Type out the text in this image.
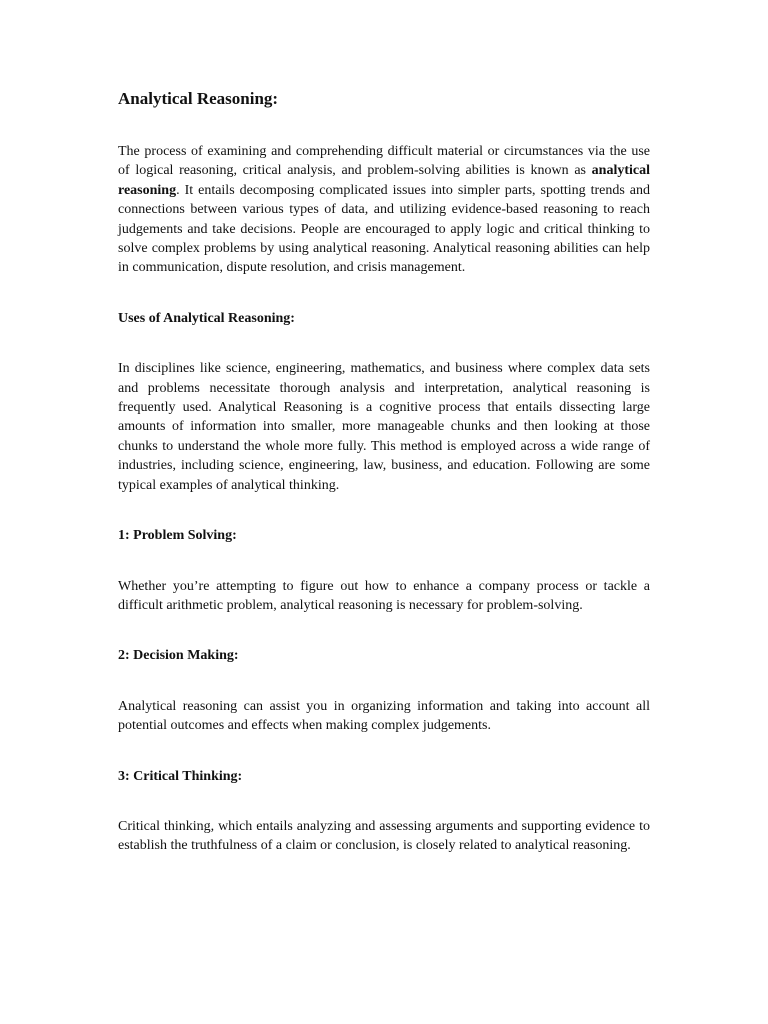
Analytical Reasoning:

The process of examining and comprehending difficult material or circumstances via the use of logical reasoning, critical analysis, and problem-solving abilities is known as analytical reasoning. It entails decomposing complicated issues into simpler parts, spotting trends and connections between various types of data, and utilizing evidence-based reasoning to reach judgements and take decisions. People are encouraged to apply logic and critical thinking to solve complex problems by using analytical reasoning. Analytical reasoning abilities can help in communication, dispute resolution, and crisis management.

Uses of Analytical Reasoning:

In disciplines like science, engineering, mathematics, and business where complex data sets and problems necessitate thorough analysis and interpretation, analytical reasoning is frequently used. Analytical Reasoning is a cognitive process that entails dissecting large amounts of information into smaller, more manageable chunks and then looking at those chunks to understand the whole more fully. This method is employed across a wide range of industries, including science, engineering, law, business, and education. Following are some typical examples of analytical thinking.

1: Problem Solving:

Whether you’re attempting to figure out how to enhance a company process or tackle a difficult arithmetic problem, analytical reasoning is necessary for problem-solving.

2: Decision Making:

Analytical reasoning can assist you in organizing information and taking into account all potential outcomes and effects when making complex judgements.

3: Critical Thinking:

Critical thinking, which entails analyzing and assessing arguments and supporting evidence to establish the truthfulness of a claim or conclusion, is closely related to analytical reasoning.
